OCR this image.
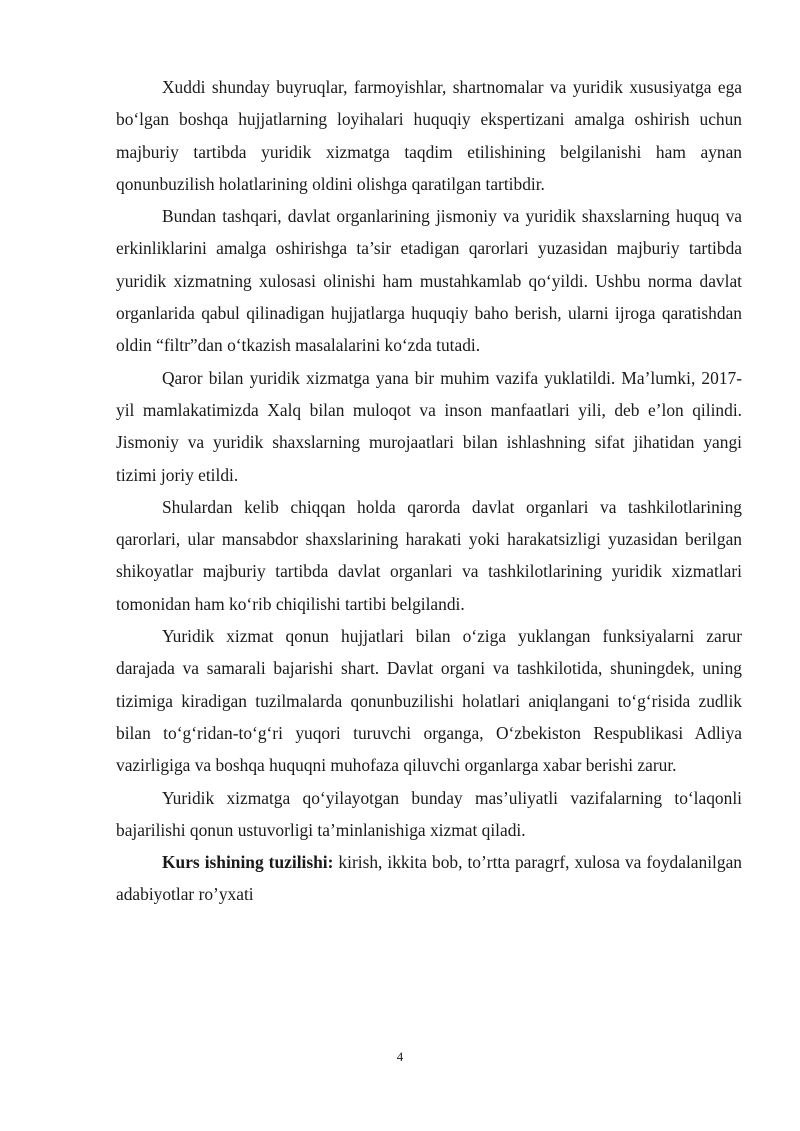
Xuddi shunday buyruqlar, farmoyishlar, shartnomalar va yuridik xususiyatga ega bo‘lgan boshqa hujjatlarning loyihalari huquqiy ekspertizani amalga oshirish uchun majburiy tartibda yuridik xizmatga taqdim etilishining belgilanishi ham aynan qonunbuzilish holatlarining oldini olishga qaratilgan tartibdir.

Bundan tashqari, davlat organlarining jismoniy va yuridik shaxslarning huquq va erkinliklarini amalga oshirishga ta’sir etadigan qarorlari yuzasidan majburiy tartibda yuridik xizmatning xulosasi olinishi ham mustahkamlab qo‘yildi. Ushbu norma davlat organlarida qabul qilinadigan hujjatlarga huquqiy baho berish, ularni ijroga qaratishdan oldin “filtr”dan o‘tkazish masalalarini ko‘zda tutadi.

Qaror bilan yuridik xizmatga yana bir muhim vazifa yuklatildi. Ma’lumki, 2017-yil mamlakatimizda Xalq bilan muloqot va inson manfaatlari yili, deb e’lon qilindi. Jismoniy va yuridik shaxslarning murojaatlari bilan ishlashning sifat jihatidan yangi tizimi joriy etildi.

Shulardan kelib chiqqan holda qarorda davlat organlari va tashkilotlarining qarorlari, ular mansabdor shaxslarining harakati yoki harakatsizligi yuzasidan berilgan shikoyatlar majburiy tartibda davlat organlari va tashkilotlarining yuridik xizmatlari tomonidan ham ko‘rib chiqilishi tartibi belgilandi.

Yuridik xizmat qonun hujjatlari bilan o‘ziga yuklangan funksiyalarni zarur darajada va samarali bajarishi shart. Davlat organi va tashkilotida, shuningdek, uning tizimiga kiradigan tuzilmalarda qonunbuzilishi holatlari aniqlangani to‘g‘risida zudlik bilan to‘g‘ridan-to‘g‘ri yuqori turuvchi organga, O‘zbekiston Respublikasi Adliya vazirligiga va boshqa huquqni muhofaza qiluvchi organlarga xabar berishi zarur.

Yuridik xizmatga qo‘yilayotgan bunday mas’uliyatli vazifalarning to‘laqonli bajarilishi qonun ustuvorligi ta’minlanishiga xizmat qiladi.

Kurs ishining tuzilishi: kirish, ikkita bob, to’rtta paragrf, xulosa va foydalanilgan adabiyotlar ro’yxati

4
